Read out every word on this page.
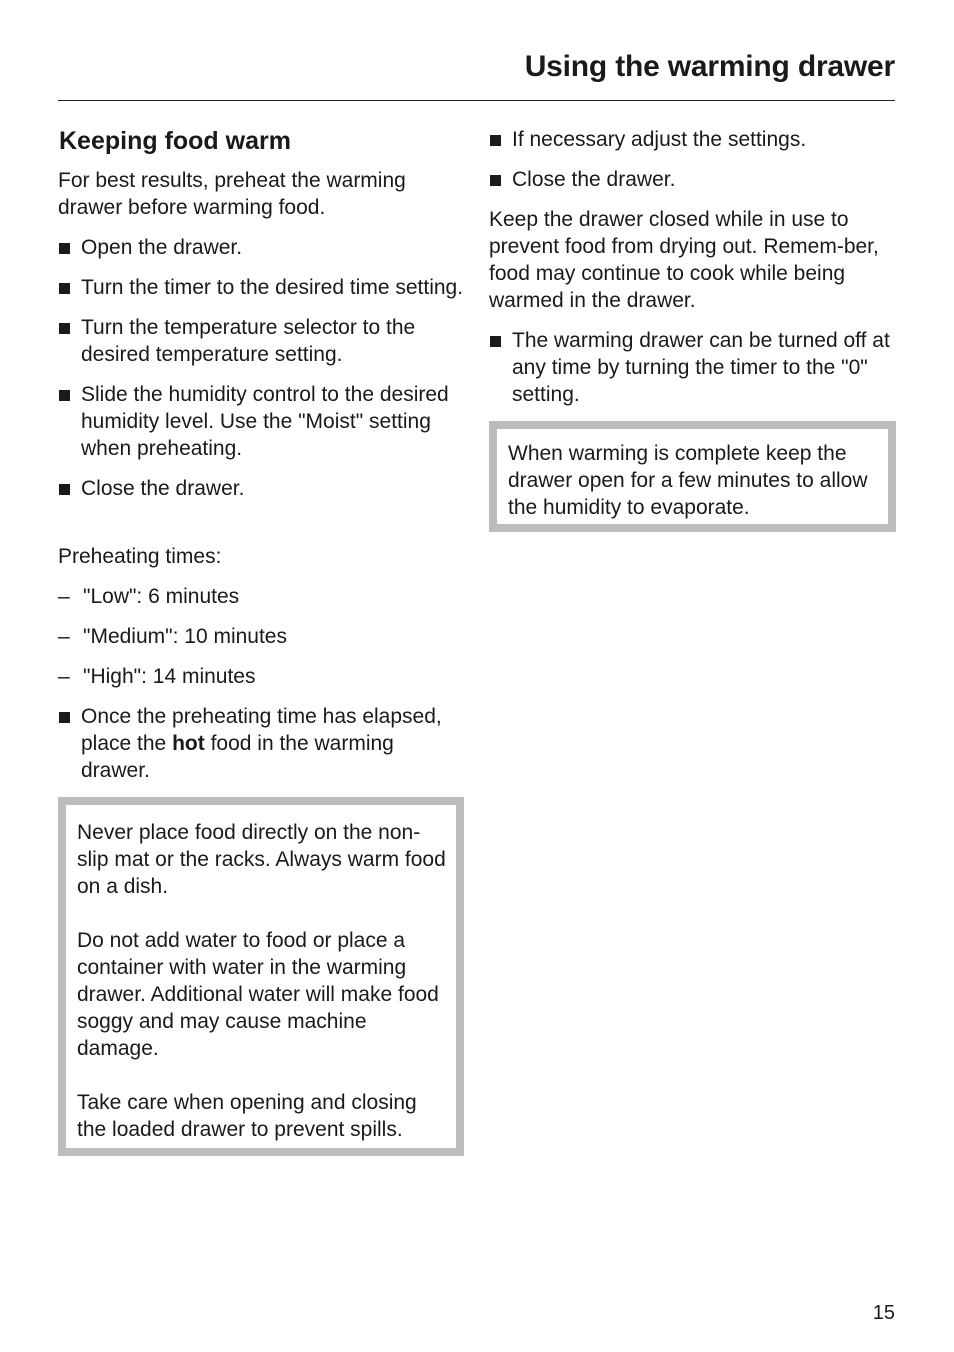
Using the warming drawer
Keeping food warm

For best results, preheat the warming drawer before warming food.

Open the drawer.
Turn the timer to the desired time setting.
Turn the temperature selector to the desired temperature setting.
Slide the humidity control to the desired humidity level. Use the "Moist" setting when preheating.
Close the drawer.

Preheating times:

– "Low": 6 minutes
– "Medium": 10 minutes
– "High": 14 minutes
Once the preheating time has elapsed, place the hot food in the warming drawer.

Never place food directly on the non-slip mat or the racks. Always warm food on a dish.

Do not add water to food or place a container with water in the warming drawer. Additional water will make food soggy and may cause machine damage.

Take care when opening and closing the loaded drawer to prevent spills.

If necessary adjust the settings.
Close the drawer.

Keep the drawer closed while in use to prevent food from drying out. Remem-ber, food may continue to cook while being warmed in the drawer.

The warming drawer can be turned off at any time by turning the timer to the "0" setting.

When warming is complete keep the drawer open for a few minutes to allow the humidity to evaporate.

15
